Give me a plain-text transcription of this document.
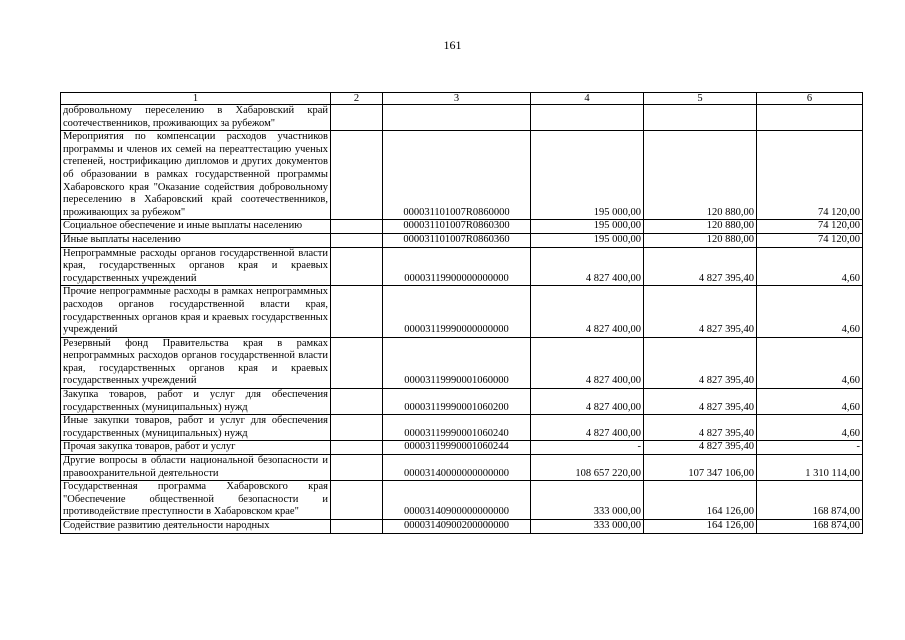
161
1	2	3	4	5	6
добровольному переселению в Хабаровский край соотечественников, проживающих за рубежом"					
Мероприятия по компенсации расходов участников программы и членов их семей на переаттестацию ученых степеней, нострификацию дипломов и других документов об образовании в рамках государственной программы Хабаровского края "Оказание содействия добровольному переселению в Хабаровский край соотечественников, проживающих за рубежом"		000031101007R0860000	195 000,00	120 880,00	74 120,00
Социальное обеспечение и иные выплаты населению		000031101007R0860300	195 000,00	120 880,00	74 120,00
Иные выплаты населению		000031101007R0860360	195 000,00	120 880,00	74 120,00
Непрограммные расходы органов государственной власти края, государственных органов края и краевых государственных учреждений		00003119900000000000	4 827 400,00	4 827 395,40	4,60
Прочие непрограммные расходы в рамках непрограммных расходов органов государственной власти края, государственных органов края и краевых государственных учреждений		00003119990000000000	4 827 400,00	4 827 395,40	4,60
Резервный фонд Правительства края в рамках непрограммных расходов органов государственной власти края, государственных органов края и краевых государственных учреждений		00003119990001060000	4 827 400,00	4 827 395,40	4,60
Закупка товаров, работ и услуг для обеспечения государственных (муниципальных) нужд		00003119990001060200	4 827 400,00	4 827 395,40	4,60
Иные закупки товаров, работ и услуг для обеспечения государственных (муниципальных) нужд		00003119990001060240	4 827 400,00	4 827 395,40	4,60
Прочая закупка товаров, работ и услуг		00003119990001060244	-	4 827 395,40	-
Другие вопросы в области национальной безопасности и правоохранительной деятельности		00003140000000000000	108 657 220,00	107 347 106,00	1 310 114,00
Государственная программа Хабаровского края "Обеспечение общественной безопасности и противодействие преступности в Хабаровском крае"		00003140900000000000	333 000,00	164 126,00	168 874,00
Содействие развитию деятельности народных		00003140900200000000	333 000,00	164 126,00	168 874,00
